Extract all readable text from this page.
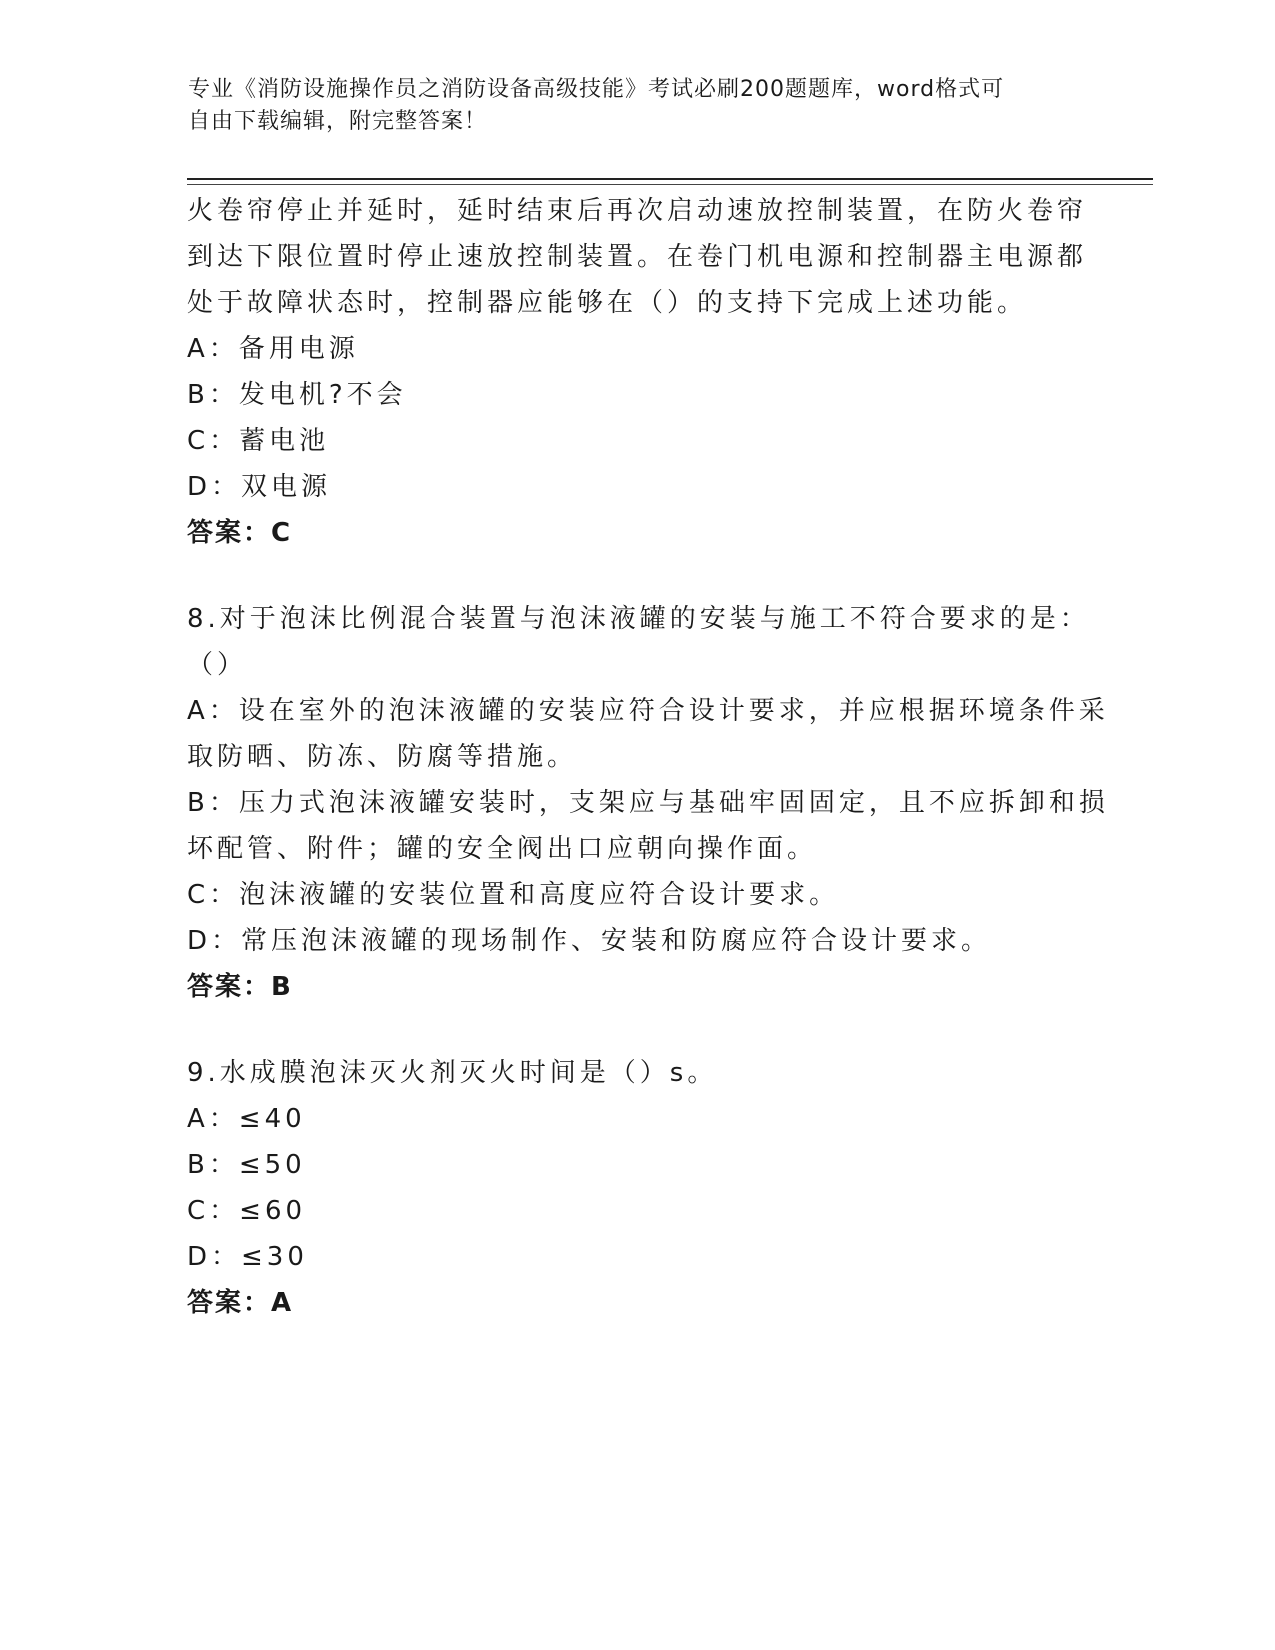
专业《消防设施操作员之消防设备高级技能》考试必刷200题题库，word格式可
自由下载编辑，附完整答案！
火卷帘停止并延时，延时结束后再次启动速放控制装置，在防火卷帘
到达下限位置时停止速放控制装置。在卷门机电源和控制器主电源都
处于故障状态时，控制器应能够在（）的支持下完成上述功能。
A：备用电源
B：发电机?不会
C：蓄电池
D：双电源
答案：C
8.对于泡沫比例混合装置与泡沫液罐的安装与施工不符合要求的是：
（）
A：设在室外的泡沫液罐的安装应符合设计要求，并应根据环境条件采
取防晒、防冻、防腐等措施。
B：压力式泡沫液罐安装时，支架应与基础牢固固定，且不应拆卸和损
坏配管、附件；罐的安全阀出口应朝向操作面。
C：泡沫液罐的安装位置和高度应符合设计要求。
D：常压泡沫液罐的现场制作、安装和防腐应符合设计要求。
答案：B
9.水成膜泡沫灭火剂灭火时间是（）s。
A：≤40
B：≤50
C：≤60
D：≤30
答案：A
